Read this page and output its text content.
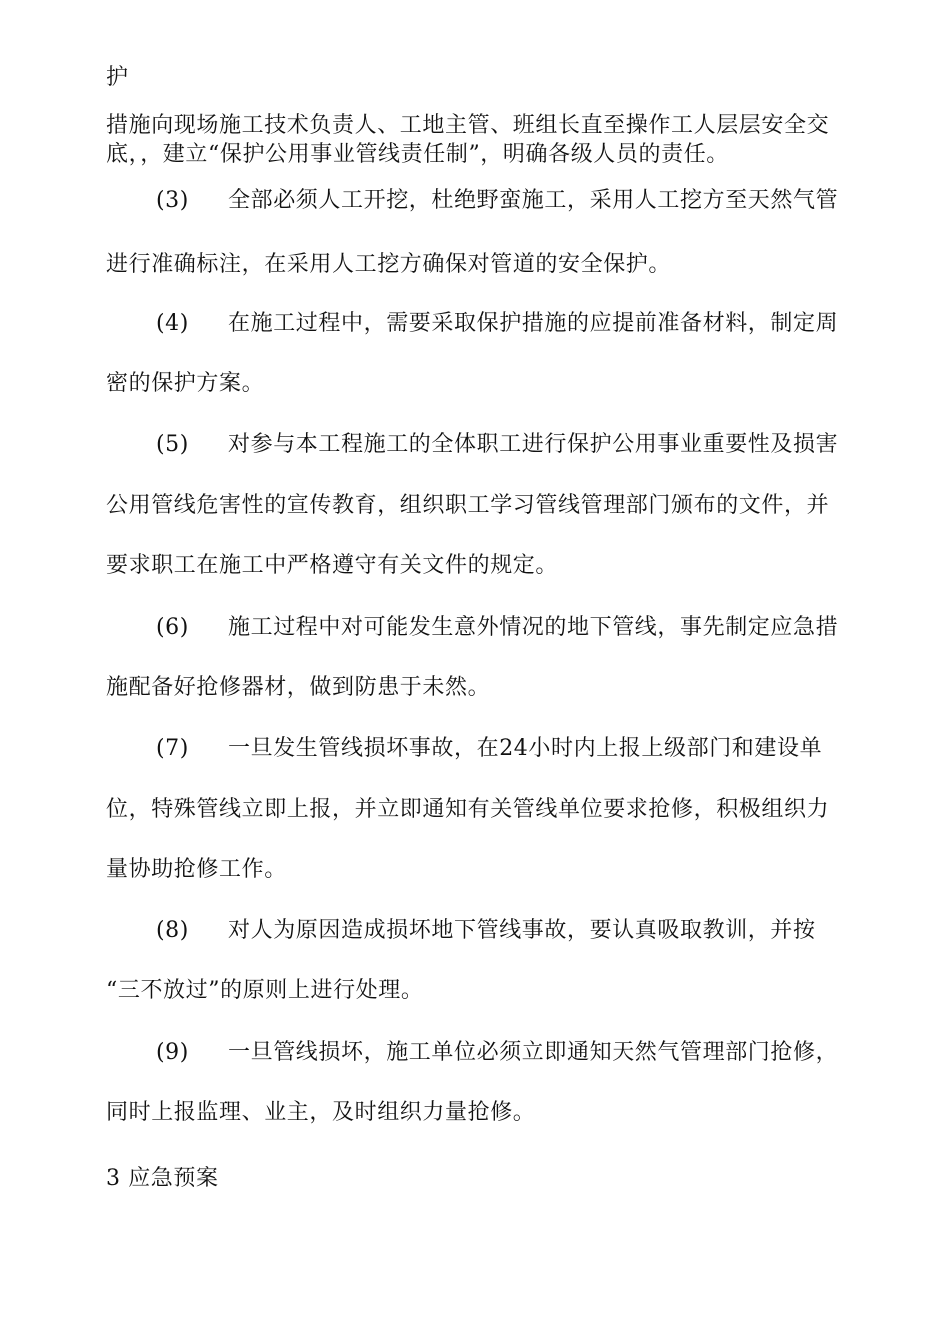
护
措施向现场施工技术负责人、工地主管、班组长直至操作工人层层安全交
底，，建立“保护公用事业管线责任制”，明确各级人员的责任。
(3) 全部必须人工开挖，杜绝野蛮施工，采用人工挖方至天然气管
进行准确标注，在采用人工挖方确保对管道的安全保护。
(4) 在施工过程中，需要采取保护措施的应提前准备材料，制定周
密的保护方案。
(5) 对参与本工程施工的全体职工进行保护公用事业重要性及损害
公用管线危害性的宣传教育，组织职工学习管线管理部门颁布的文件，并
要求职工在施工中严格遵守有关文件的规定。
(6) 施工过程中对可能发生意外情况的地下管线，事先制定应急措
施配备好抢修器材，做到防患于未然。
(7) 一旦发生管线损坏事故，在24小时内上报上级部门和建设单
位，特殊管线立即上报，并立即通知有关管线单位要求抢修，积极组织力
量协助抢修工作。
(8) 对人为原因造成损坏地下管线事故，要认真吸取教训，并按
“三不放过”的原则上进行处理。
(9) 一旦管线损坏，施工单位必须立即通知天然气管理部门抢修，
同时上报监理、业主，及时组织力量抢修。
3 应急预案
